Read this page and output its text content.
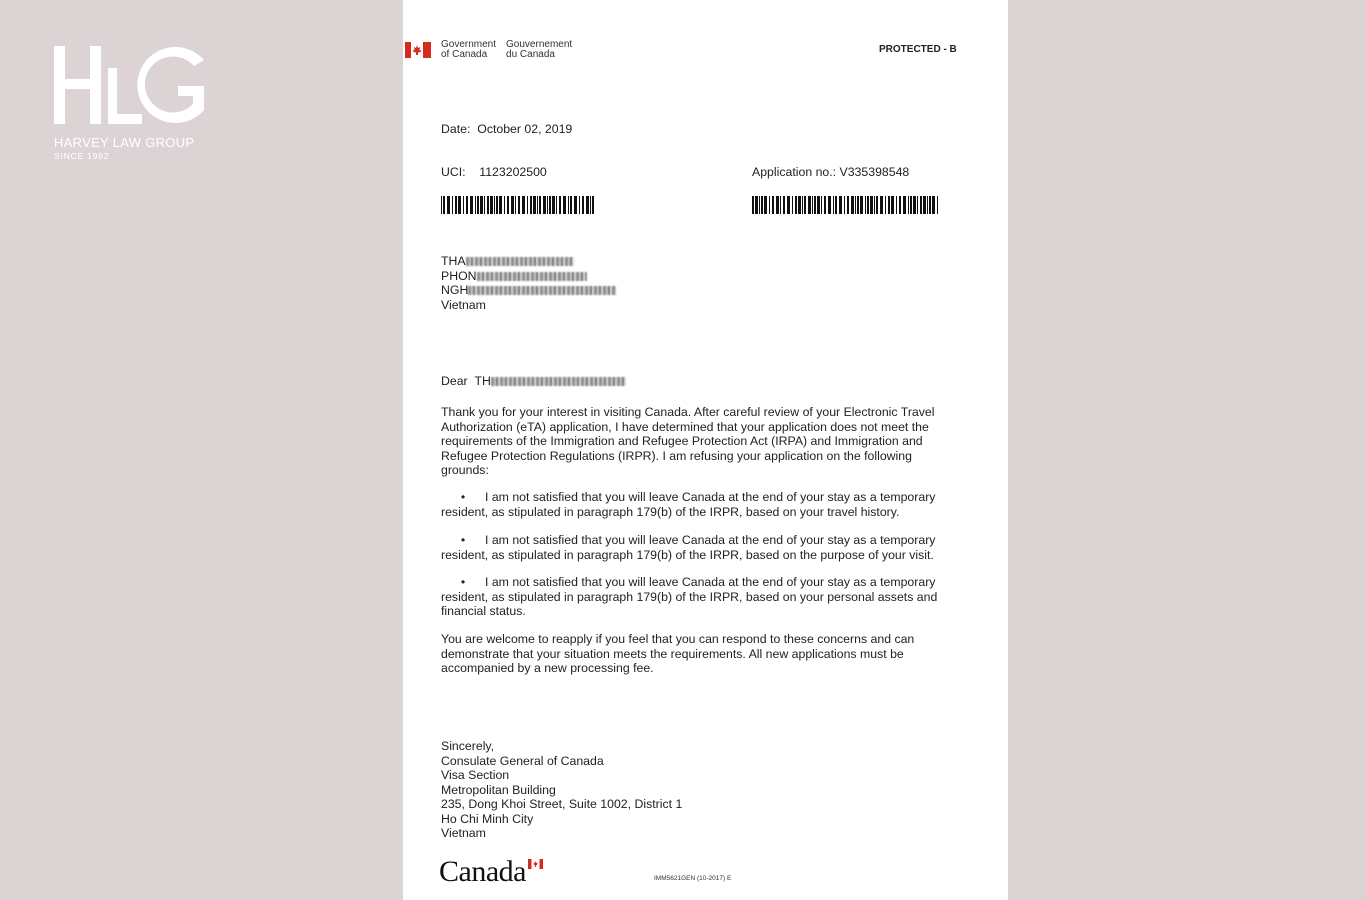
HARVEY LAW GROUP
SINCE 1992
Government
of Canada
Gouvernement
du Canada	PROTECTED - B
Date: October 02, 2019
UCI: 1123202500	Application no.: V335398548
THA
PHON
NGH
Vietnam
Dear TH
Thank you for your interest in visiting Canada. After careful review of your Electronic Travel Authorization (eTA) application, I have determined that your application does not meet the requirements of the Immigration and Refugee Protection Act (IRPA) and Immigration and Refugee Protection Regulations (IRPR). I am refusing your application on the following grounds:
• I am not satisfied that you will leave Canada at the end of your stay as a temporary resident, as stipulated in paragraph 179(b) of the IRPR, based on your travel history.
• I am not satisfied that you will leave Canada at the end of your stay as a temporary resident, as stipulated in paragraph 179(b) of the IRPR, based on the purpose of your visit.
• I am not satisfied that you will leave Canada at the end of your stay as a temporary resident, as stipulated in paragraph 179(b) of the IRPR, based on your personal assets and financial status.
You are welcome to reapply if you feel that you can respond to these concerns and can demonstrate that your situation meets the requirements. All new applications must be accompanied by a new processing fee.
Sincerely,
Consulate General of Canada
Visa Section
Metropolitan Building
235, Dong Khoi Street, Suite 1002, District 1
Ho Chi Minh City
Vietnam
Canada	IMM5621GEN (10-2017) E
